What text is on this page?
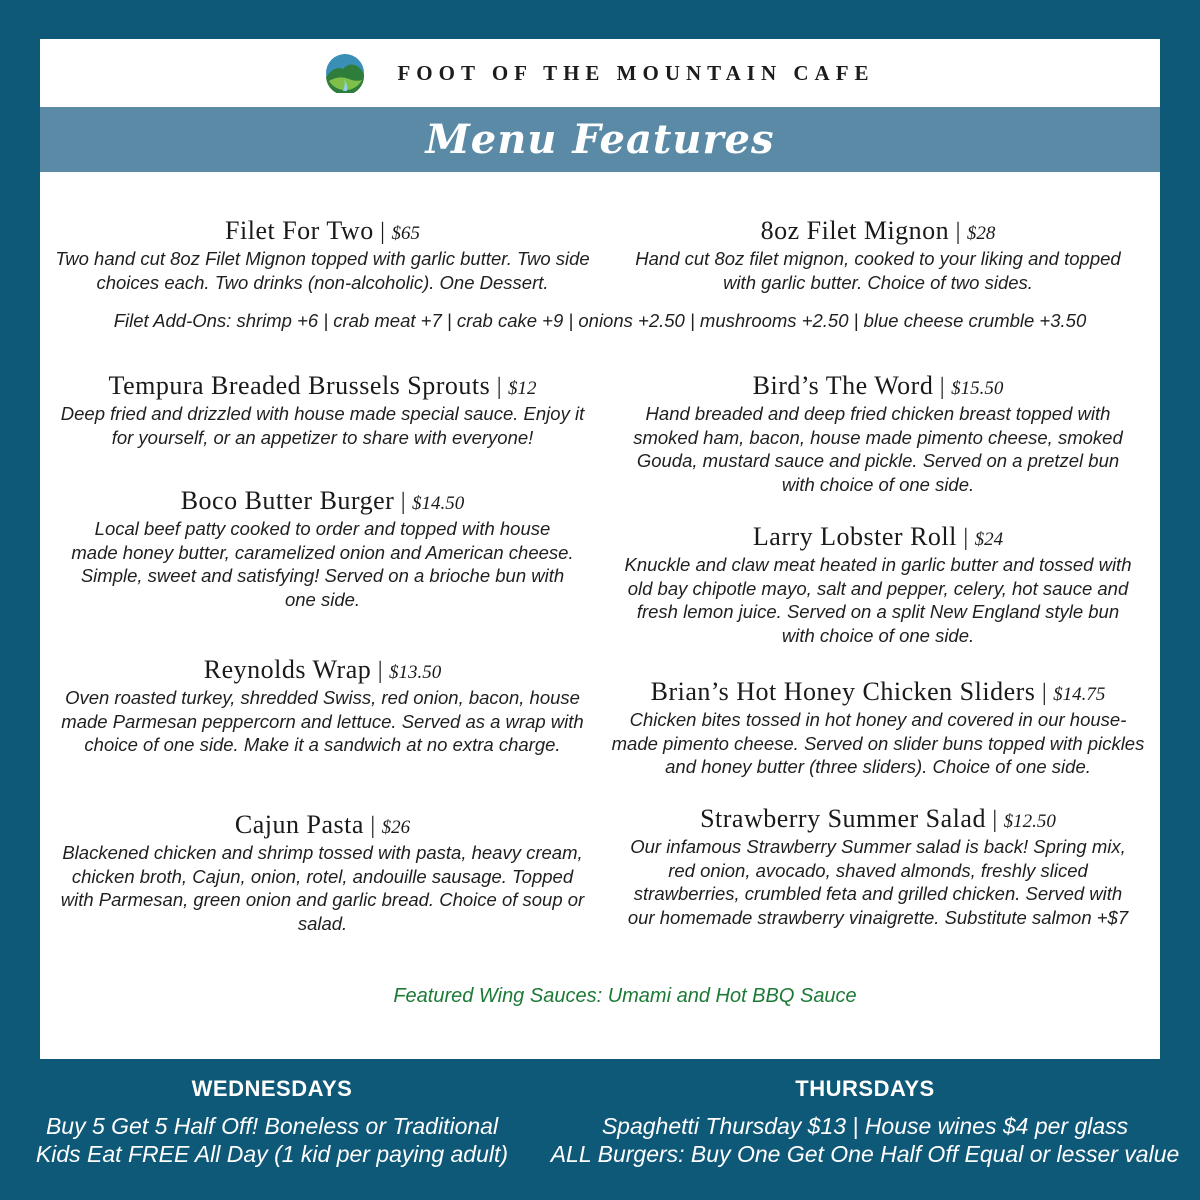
FOOT OF THE MOUNTAIN CAFE
Menu Features
Filet For Two | $65
Two hand cut 8oz Filet Mignon topped with garlic butter. Two side choices each. Two drinks (non-alcoholic). One Dessert.
8oz Filet Mignon | $28
Hand cut 8oz filet mignon, cooked to your liking and topped with garlic butter. Choice of two sides.
Filet Add-Ons: shrimp +6 | crab meat +7 | crab cake +9 | onions +2.50 | mushrooms +2.50 | blue cheese crumble +3.50
Tempura Breaded Brussels Sprouts | $12
Deep fried and drizzled with house made special sauce. Enjoy it for yourself, or an appetizer to share with everyone!
Bird’s The Word | $15.50
Hand breaded and deep fried chicken breast topped with smoked ham, bacon, house made pimento cheese, smoked Gouda, mustard sauce and pickle. Served on a pretzel bun with choice of one side.
Boco Butter Burger | $14.50
Local beef patty cooked to order and topped with house made honey butter, caramelized onion and American cheese. Simple, sweet and satisfying! Served on a brioche bun with one side.
Larry Lobster Roll | $24
Knuckle and claw meat heated in garlic butter and tossed with old bay chipotle mayo, salt and pepper, celery, hot sauce and fresh lemon juice. Served on a split New England style bun with choice of one side.
Reynolds Wrap | $13.50
Oven roasted turkey, shredded Swiss, red onion, bacon, house made Parmesan peppercorn and lettuce. Served as a wrap with choice of one side. Make it a sandwich at no extra charge.
Brian’s Hot Honey Chicken Sliders | $14.75
Chicken bites tossed in hot honey and covered in our house-made pimento cheese. Served on slider buns topped with pickles and honey butter (three sliders). Choice of one side.
Cajun Pasta | $26
Blackened chicken and shrimp tossed with pasta, heavy cream, chicken broth, Cajun, onion, rotel, andouille sausage. Topped with Parmesan, green onion and garlic bread. Choice of soup or salad.
Strawberry Summer Salad | $12.50
Our infamous Strawberry Summer salad is back! Spring mix, red onion, avocado, shaved almonds, freshly sliced strawberries, crumbled feta and grilled chicken. Served with our homemade strawberry vinaigrette. Substitute salmon +$7
Featured Wing Sauces: Umami and Hot BBQ Sauce
WEDNESDAYS
Buy 5 Get 5 Half Off! Boneless or Traditional
Kids Eat FREE All Day (1 kid per paying adult)
THURSDAYS
Spaghetti Thursday $13 | House wines $4 per glass
ALL Burgers: Buy One Get One Half Off Equal or lesser value
